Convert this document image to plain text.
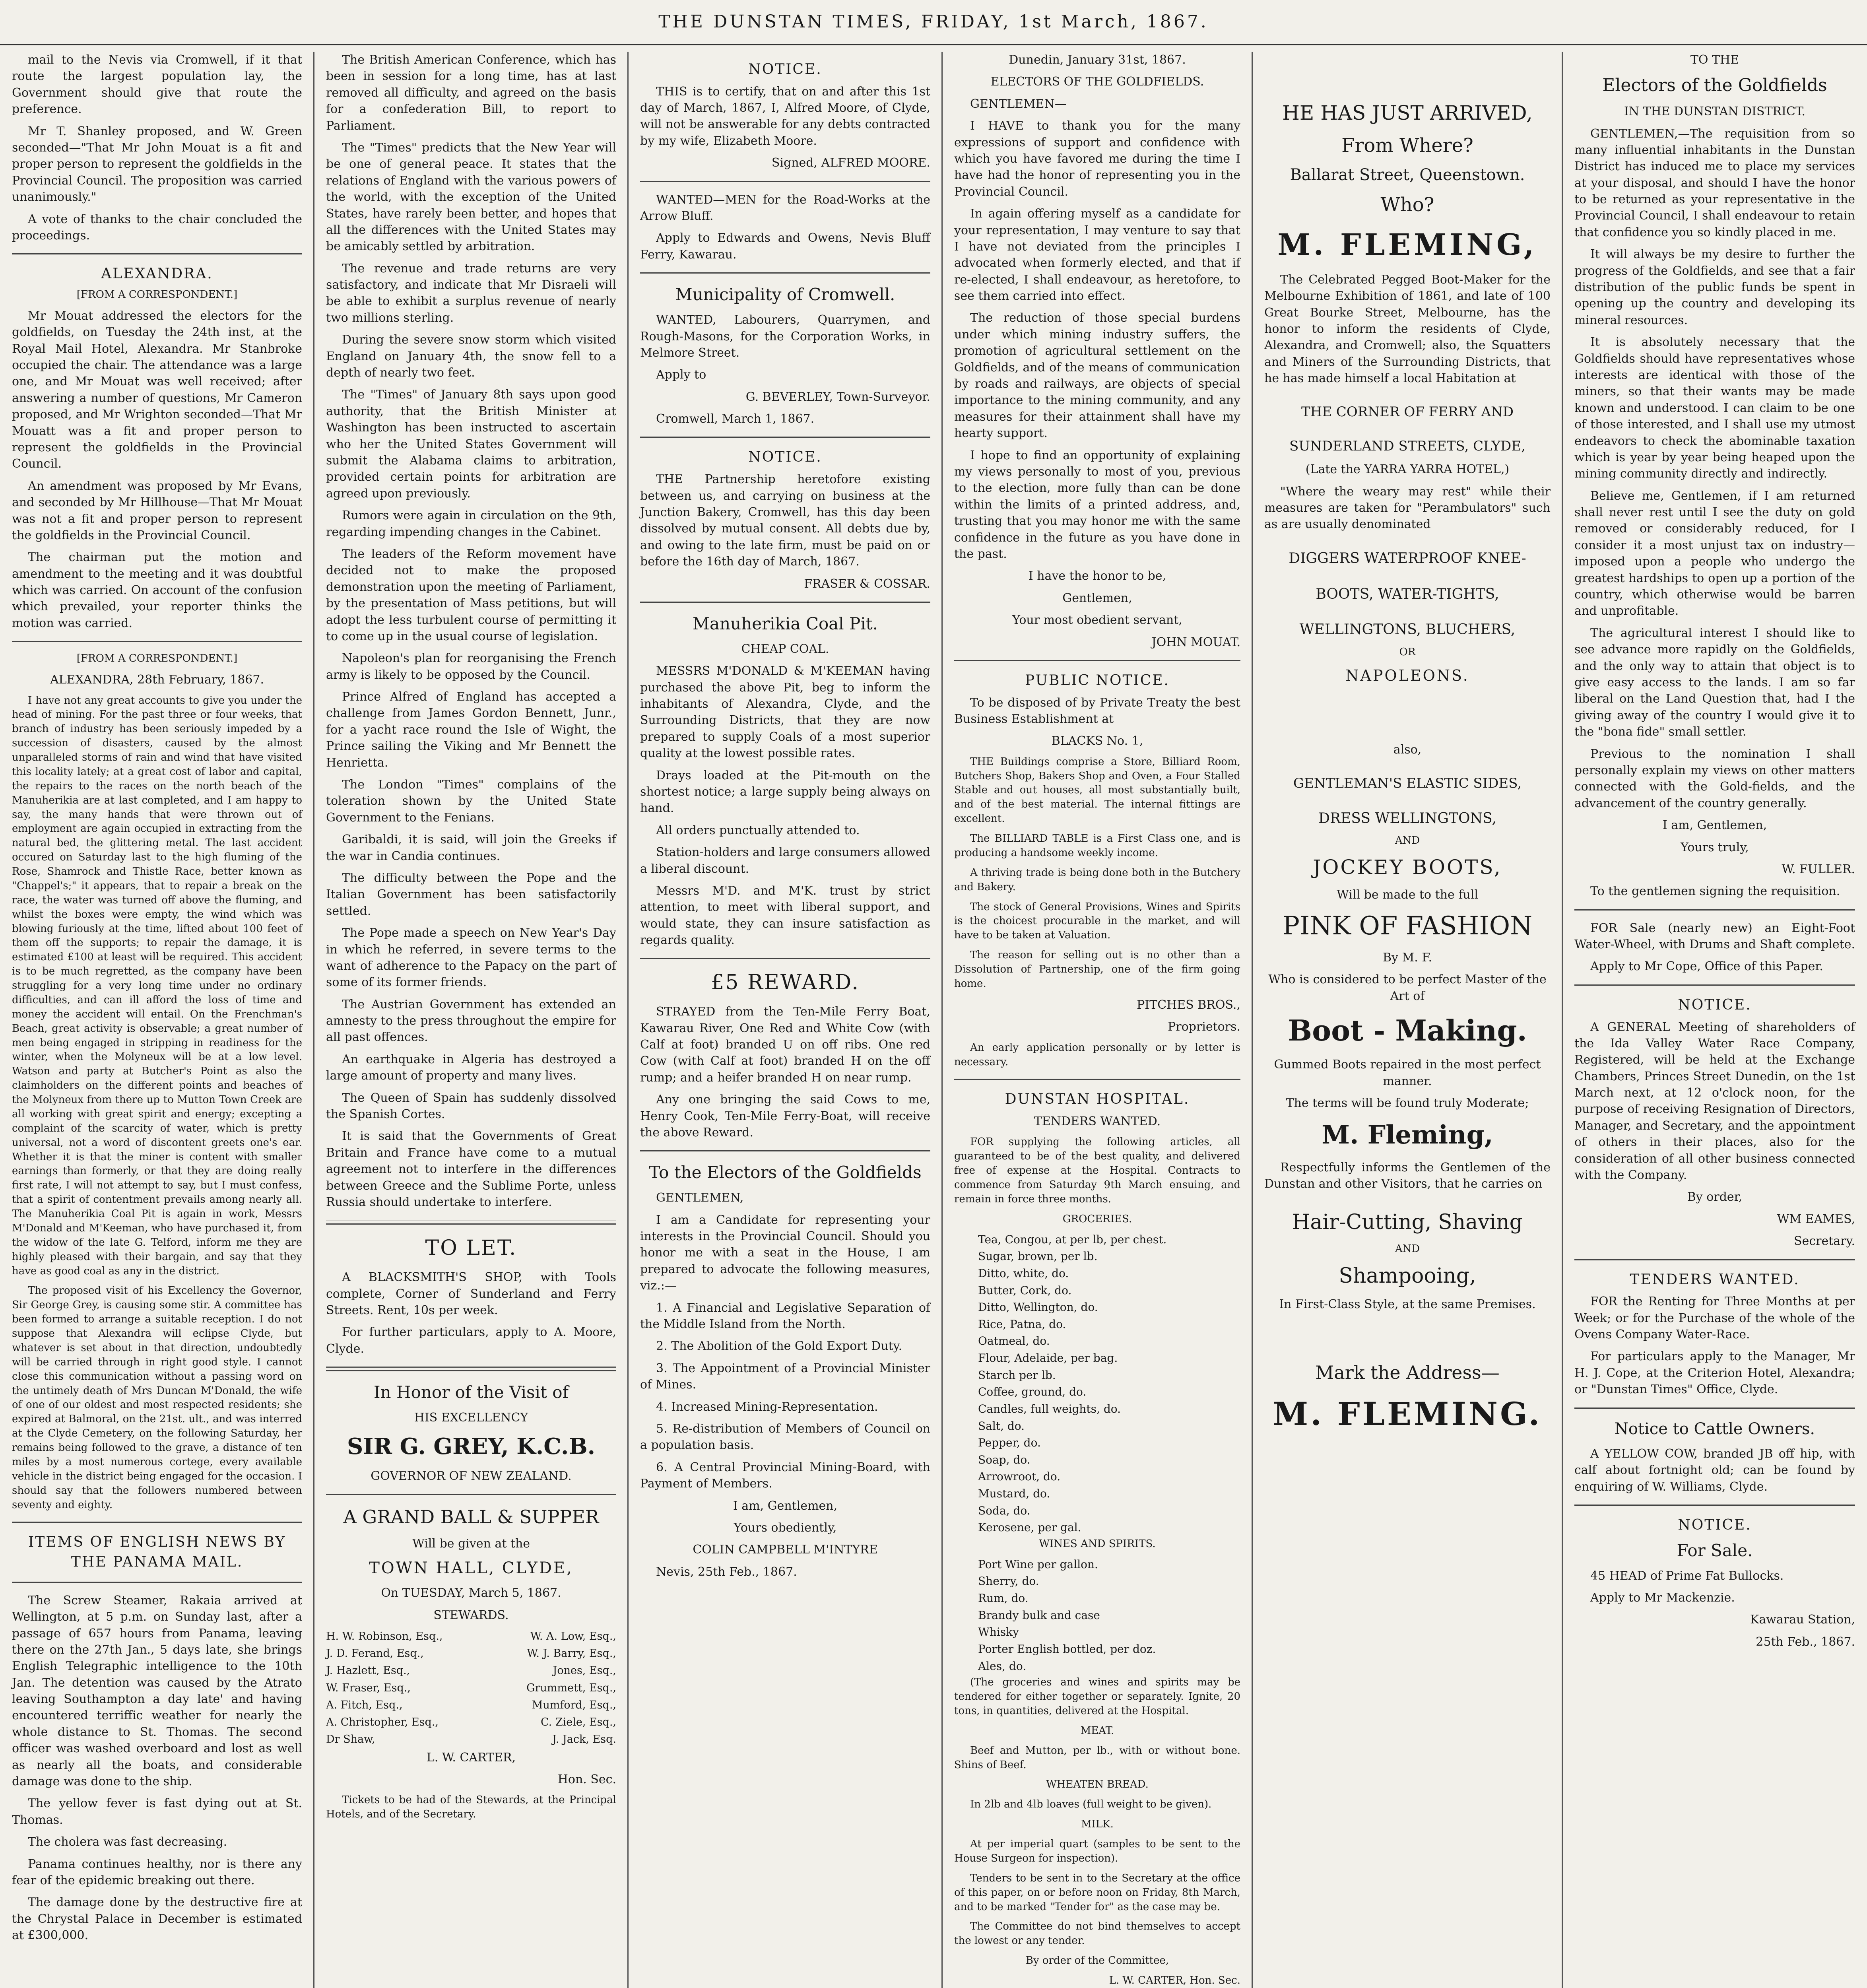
THE DUNSTAN TIMES, FRIDAY, 1st March, 1867.

mail to the Nevis via Cromwell, if it that route the largest population lay, the Government should give that route the preference.

Mr T. Shanley proposed, and W. Green seconded—"That Mr John Mouat is a fit and proper person to represent the goldfields in the Provincial Council. The proposition was carried unanimously."

A vote of thanks to the chair concluded the proceedings.

ALEXANDRA.

[FROM A CORRESPONDENT.]

Mr Mouat addressed the electors for the goldfields, on Tuesday the 24th inst, at the Royal Mail Hotel, Alexandra. Mr Stanbroke occupied the chair. The attendance was a large one, and Mr Mouat was well received; after answering a number of questions, Mr Cameron proposed, and Mr Wrighton seconded—That Mr Mouatt was a fit and proper person to represent the goldfields in the Provincial Council.

An amendment was proposed by Mr Evans, and seconded by Mr Hillhouse—That Mr Mouat was not a fit and proper person to represent the goldfields in the Provincial Council.

The chairman put the motion and amendment to the meeting and it was doubtful which was carried. On account of the confusion which prevailed, your reporter thinks the motion was carried.

[FROM A CORRESPONDENT.]

ALEXANDRA, 28th February, 1867.

I have not any great accounts to give you under the head of mining. For the past three or four weeks, that branch of industry has been seriously impeded by a succession of disasters, caused by the almost unparalleled storms of rain and wind that have visited this locality lately; at a great cost of labor and capital, the repairs to the races on the north beach of the Manuherikia are at last completed, and I am happy to say, the many hands that were thrown out of employment are again occupied in extracting from the natural bed, the glittering metal. The last accident occured on Saturday last to the high fluming of the Rose, Shamrock and Thistle Race, better known as "Chappel's;" it appears, that to repair a break on the race, the water was turned off above the fluming, and whilst the boxes were empty, the wind which was blowing furiously at the time, lifted about 100 feet of them off the supports; to repair the damage, it is estimated £100 at least will be required. This accident is to be much regretted, as the company have been struggling for a very long time under no ordinary difficulties, and can ill afford the loss of time and money the accident will entail. On the Frenchman's Beach, great activity is observable; a great number of men being engaged in stripping in readiness for the winter, when the Molyneux will be at a low level. Watson and party at Butcher's Point as also the claimholders on the different points and beaches of the Molyneux from there up to Mutton Town Creek are all working with great spirit and energy; excepting a complaint of the scarcity of water, which is pretty universal, not a word of discontent greets one's ear. Whether it is that the miner is content with smaller earnings than formerly, or that they are doing really first rate, I will not attempt to say, but I must confess, that a spirit of contentment prevails among nearly all. The Manuherikia Coal Pit is again in work, Messrs M'Donald and M'Keeman, who have purchased it, from the widow of the late G. Telford, inform me they are highly pleased with their bargain, and say that they have as good coal as any in the district.

The proposed visit of his Excellency the Governor, Sir George Grey, is causing some stir. A committee has been formed to arrange a suitable reception. I do not suppose that Alexandra will eclipse Clyde, but whatever is set about in that direction, undoubtedly will be carried through in right good style. I cannot close this communication without a passing word on the untimely death of Mrs Duncan M'Donald, the wife of one of our oldest and most respected residents; she expired at Balmoral, on the 21st. ult., and was interred at the Clyde Cemetery, on the following Saturday, her remains being followed to the grave, a distance of ten miles by a most numerous cortege, every available vehicle in the district being engaged for the occasion. I should say that the followers numbered between seventy and eighty.

ITEMS OF ENGLISH NEWS BY THE PANAMA MAIL.

The Screw Steamer, Rakaia arrived at Wellington, at 5 p.m. on Sunday last, after a passage of 657 hours from Panama, leaving there on the 27th Jan., 5 days late, she brings English Telegraphic intelligence to the 10th Jan. The detention was caused by the Atrato leaving Southampton a day late' and having encountered terriffic weather for nearly the whole distance to St. Thomas. The second officer was washed overboard and lost as well as nearly all the boats, and considerable damage was done to the ship.

The yellow fever is fast dying out at St. Thomas.

The cholera was fast decreasing.

Panama continues healthy, nor is there any fear of the epidemic breaking out there.

The damage done by the destructive fire at the Chrystal Palace in December is estimated at £300,000.

The British American Conference, which has been in session for a long time, has at last removed all difficulty, and agreed on the basis for a confederation Bill, to report to Parliament.

The "Times" predicts that the New Year will be one of general peace. It states that the relations of England with the various powers of the world, with the exception of the United States, have rarely been better, and hopes that all the differences with the United States may be amicably settled by arbitration.

The revenue and trade returns are very satisfactory, and indicate that Mr Disraeli will be able to exhibit a surplus revenue of nearly two millions sterling.

During the severe snow storm which visited England on January 4th, the snow fell to a depth of nearly two feet.

The "Times" of January 8th says upon good authority, that the British Minister at Washington has been instructed to ascertain who her the United States Government will submit the Alabama claims to arbitration, provided certain points for arbitration are agreed upon previously.

Rumors were again in circulation on the 9th, regarding impending changes in the Cabinet.

The leaders of the Reform movement have decided not to make the proposed demonstration upon the meeting of Parliament, by the presentation of Mass petitions, but will adopt the less turbulent course of permitting it to come up in the usual course of legislation.

Napoleon's plan for reorganising the French army is likely to be opposed by the Council.

Prince Alfred of England has accepted a challenge from James Gordon Bennett, Junr., for a yacht race round the Isle of Wight, the Prince sailing the Viking and Mr Bennett the Henrietta.

The London "Times" complains of the toleration shown by the United State Government to the Fenians.

Garibaldi, it is said, will join the Greeks if the war in Candia continues.

The difficulty between the Pope and the Italian Government has been satisfactorily settled.

The Pope made a speech on New Year's Day in which he referred, in severe terms to the want of adherence to the Papacy on the part of some of its former friends.

The Austrian Government has extended an amnesty to the press throughout the empire for all past offences.

An earthquake in Algeria has destroyed a large amount of property and many lives.

The Queen of Spain has suddenly dissolved the Spanish Cortes.

It is said that the Governments of Great Britain and France have come to a mutual agreement not to interfere in the differences between Greece and the Sublime Porte, unless Russia should undertake to interfere.

TO LET.

A BLACKSMITH'S SHOP, with Tools complete, Corner of Sunderland and Ferry Streets. Rent, 10s per week.

For further particulars, apply to A. Moore, Clyde.

In Honor of the Visit of

HIS EXCELLENCY

SIR G. GREY, K.C.B.

GOVERNOR OF NEW ZEALAND.

A GRAND BALL & SUPPER

Will be given at the

TOWN HALL, CLYDE,

On TUESDAY, March 5, 1867.

STEWARDS.

H. W. Robinson, Esq.,	W. A. Low, Esq.,
J. D. Ferand, Esq.,	W. J. Barry, Esq.,
J. Hazlett, Esq.,	Jones, Esq.,
W. Fraser, Esq.,	Grummett, Esq.,
A. Fitch, Esq.,	Mumford, Esq.,
A. Christopher, Esq.,	C. Ziele, Esq.,
Dr Shaw,	J. Jack, Esq.

L. W. CARTER,

Hon. Sec.

Tickets to be had of the Stewards, at the Principal Hotels, and of the Secretary.

NOTICE.

THIS is to certify, that on and after this 1st day of March, 1867, I, Alfred Moore, of Clyde, will not be answerable for any debts contracted by my wife, Elizabeth Moore.

Signed, ALFRED MOORE.

WANTED—MEN for the Road-Works at the Arrow Bluff.

Apply to Edwards and Owens, Nevis Bluff Ferry, Kawarau.

Municipality of Cromwell.

WANTED, Labourers, Quarrymen, and Rough-Masons, for the Corporation Works, in Melmore Street.

Apply to

G. BEVERLEY, Town-Surveyor.

Cromwell, March 1, 1867.

NOTICE.

THE Partnership heretofore existing between us, and carrying on business at the Junction Bakery, Cromwell, has this day been dissolved by mutual consent. All debts due by, and owing to the late firm, must be paid on or before the 16th day of March, 1867.

FRASER & COSSAR.

Manuherikia Coal Pit.

CHEAP COAL.

MESSRS M'DONALD & M'KEEMAN having purchased the above Pit, beg to inform the inhabitants of Alexandra, Clyde, and the Surrounding Districts, that they are now prepared to supply Coals of a most superior quality at the lowest possible rates.

Drays loaded at the Pit-mouth on the shortest notice; a large supply being always on hand.

All orders punctually attended to.

Station-holders and large consumers allowed a liberal discount.

Messrs M'D. and M'K. trust by strict attention, to meet with liberal support, and would state, they can insure satisfaction as regards quality.

£5 REWARD.

STRAYED from the Ten-Mile Ferry Boat, Kawarau River, One Red and White Cow (with Calf at foot) branded U on off ribs. One red Cow (with Calf at foot) branded H on the off rump; and a heifer branded H on near rump.

Any one bringing the said Cows to me, Henry Cook, Ten-Mile Ferry-Boat, will receive the above Reward.

To the Electors of the Goldfields

GENTLEMEN,

I am a Candidate for representing your interests in the Provincial Council. Should you honor me with a seat in the House, I am prepared to advocate the following measures, viz.:—

1. A Financial and Legislative Separation of the Middle Island from the North.

2. The Abolition of the Gold Export Duty.

3. The Appointment of a Provincial Minister of Mines.

4. Increased Mining-Representation.

5. Re-distribution of Members of Council on a population basis.

6. A Central Provincial Mining-Board, with Payment of Members.

I am, Gentlemen,

Yours obediently,

COLIN CAMPBELL M'INTYRE

Nevis, 25th Feb., 1867.

Dunedin, January 31st, 1867.

ELECTORS OF THE GOLDFIELDS.

GENTLEMEN—

I HAVE to thank you for the many expressions of support and confidence with which you have favored me during the time I have had the honor of representing you in the Provincial Council.

In again offering myself as a candidate for your representation, I may venture to say that I have not deviated from the principles I advocated when formerly elected, and that if re-elected, I shall endeavour, as heretofore, to see them carried into effect.

The reduction of those special burdens under which mining industry suffers, the promotion of agricultural settlement on the Goldfields, and of the means of communication by roads and railways, are objects of special importance to the mining community, and any measures for their attainment shall have my hearty support.

I hope to find an opportunity of explaining my views personally to most of you, previous to the election, more fully than can be done within the limits of a printed address, and, trusting that you may honor me with the same confidence in the future as you have done in the past.

I have the honor to be,

Gentlemen,

Your most obedient servant,

JOHN MOUAT.

PUBLIC NOTICE.

To be disposed of by Private Treaty the best Business Establishment at

BLACKS No. 1,

THE Buildings comprise a Store, Billiard Room, Butchers Shop, Bakers Shop and Oven, a Four Stalled Stable and out houses, all most substantially built, and of the best material. The internal fittings are excellent.

The BILLIARD TABLE is a First Class one, and is producing a handsome weekly income.

A thriving trade is being done both in the Butchery and Bakery.

The stock of General Provisions, Wines and Spirits is the choicest procurable in the market, and will have to be taken at Valuation.

The reason for selling out is no other than a Dissolution of Partnership, one of the firm going home.

PITCHES BROS.,

Proprietors.

An early application personally or by letter is necessary.

DUNSTAN HOSPITAL.

TENDERS WANTED.

FOR supplying the following articles, all guaranteed to be of the best quality, and delivered free of expense at the Hospital. Contracts to commence from Saturday 9th March ensuing, and remain in force three months.

GROCERIES.

Tea, Congou, at per lb, per chest.

Sugar, brown, per lb.

Ditto, white, do.

Butter, Cork, do.

Ditto, Wellington, do.

Rice, Patna, do.

Oatmeal, do.

Flour, Adelaide, per bag.

Starch per lb.

Coffee, ground, do.

Candles, full weights, do.

Salt, do.

Pepper, do.

Soap, do.

Arrowroot, do.

Mustard, do.

Soda, do.

Kerosene, per gal.

WINES AND SPIRITS.

Port Wine per gallon.

Sherry, do.

Rum, do.

Brandy bulk and case

Whisky

Porter English bottled, per doz.

Ales, do.

(The groceries and wines and spirits may be tendered for either together or separately. Ignite, 20 tons, in quantities, delivered at the Hospital.

MEAT.

Beef and Mutton, per lb., with or without bone. Shins of Beef.

WHEATEN BREAD.

In 2lb and 4lb loaves (full weight to be given).

MILK.

At per imperial quart (samples to be sent to the House Surgeon for inspection).

Tenders to be sent in to the Secretary at the office of this paper, on or before noon on Friday, 8th March, and to be marked "Tender for" as the case may be.

The Committee do not bind themselves to accept the lowest or any tender.

By order of the Committee,

L. W. CARTER, Hon. Sec.

HE HAS JUST ARRIVED,

From Where?

Ballarat Street, Queenstown.

Who?

M. FLEMING,

The Celebrated Pegged Boot-Maker for the Melbourne Exhibition of 1861, and late of 100 Great Bourke Street, Melbourne, has the honor to inform the residents of Clyde, Alexandra, and Cromwell; also, the Squatters and Miners of the Surrounding Districts, that he has made himself a local Habitation at

THE CORNER OF FERRY AND

SUNDERLAND STREETS, CLYDE,

(Late the YARRA YARRA HOTEL,)

"Where the weary may rest" while their measures are taken for "Perambulators" such as are usually denominated

DIGGERS WATERPROOF KNEE-

BOOTS, WATER-TIGHTS,

WELLINGTONS, BLUCHERS,

OR

NAPOLEONS.

also,

GENTLEMAN'S ELASTIC SIDES,

DRESS WELLINGTONS,

AND

JOCKEY BOOTS,

Will be made to the full

PINK OF FASHION

By M. F.

Who is considered to be perfect Master of the Art of

Boot - Making.

Gummed Boots repaired in the most perfect manner.

The terms will be found truly Moderate;

M. Fleming,

Respectfully informs the Gentlemen of the Dunstan and other Visitors, that he carries on

Hair-Cutting, Shaving

AND

Shampooing,

In First-Class Style, at the same Premises.

Mark the Address—

M. FLEMING.

TO THE

Electors of the Goldfields

IN THE DUNSTAN DISTRICT.

GENTLEMEN,—The requisition from so many influential inhabitants in the Dunstan District has induced me to place my services at your disposal, and should I have the honor to be returned as your representative in the Provincial Council, I shall endeavour to retain that confidence you so kindly placed in me.

It will always be my desire to further the progress of the Goldfields, and see that a fair distribution of the public funds be spent in opening up the country and developing its mineral resources.

It is absolutely necessary that the Goldfields should have representatives whose interests are identical with those of the miners, so that their wants may be made known and understood. I can claim to be one of those interested, and I shall use my utmost endeavors to check the abominable taxation which is year by year being heaped upon the mining community directly and indirectly.

Believe me, Gentlemen, if I am returned shall never rest until I see the duty on gold removed or considerably reduced, for I consider it a most unjust tax on industry—imposed upon a people who undergo the greatest hardships to open up a portion of the country, which otherwise would be barren and unprofitable.

The agricultural interest I should like to see advance more rapidly on the Goldfields, and the only way to attain that object is to give easy access to the lands. I am so far liberal on the Land Question that, had I the giving away of the country I would give it to the "bona fide" small settler.

Previous to the nomination I shall personally explain my views on other matters connected with the Gold-fields, and the advancement of the country generally.

I am, Gentlemen,

Yours truly,

W. FULLER.

To the gentlemen signing the requisition.

FOR Sale (nearly new) an Eight-Foot Water-Wheel, with Drums and Shaft complete.

Apply to Mr Cope, Office of this Paper.

NOTICE.

A GENERAL Meeting of shareholders of the Ida Valley Water Race Company, Registered, will be held at the Exchange Chambers, Princes Street Dunedin, on the 1st March next, at 12 o'clock noon, for the purpose of receiving Resignation of Directors, Manager, and Secretary, and the appointment of others in their places, also for the consideration of all other business connected with the Company.

By order,

WM EAMES,

Secretary.

TENDERS WANTED.

FOR the Renting for Three Months at per Week; or for the Purchase of the whole of the Ovens Company Water-Race.

For particulars apply to the Manager, Mr H. J. Cope, at the Criterion Hotel, Alexandra; or "Dunstan Times" Office, Clyde.

Notice to Cattle Owners.

A YELLOW COW, branded JB off hip, with calf about fortnight old; can be found by enquiring of W. Williams, Clyde.

NOTICE.

For Sale.

45 HEAD of Prime Fat Bullocks.

Apply to Mr Mackenzie.

Kawarau Station,

25th Feb., 1867.
